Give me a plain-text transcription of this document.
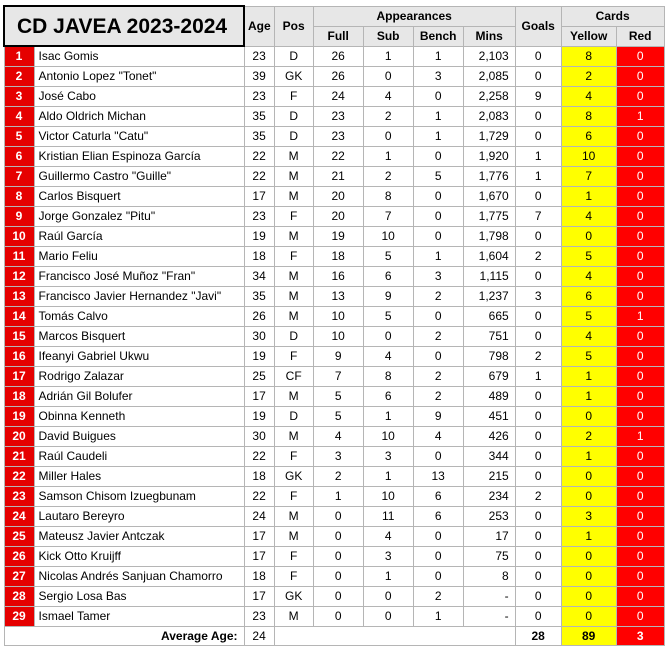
CD JAVEA 2023-2024		Age	Pos	Appearances				Goals	Cards	
				Full	Sub	Bench	Mins		Yellow	Red
1	Isac Gomis	23	D	26	1	1	2,103	0	8	0
2	Antonio Lopez "Tonet"	39	GK	26	0	3	2,085	0	2	0
3	José Cabo	23	F	24	4	0	2,258	9	4	0
4	Aldo Oldrich Michan	35	D	23	2	1	2,083	0	8	1
5	Victor Caturla "Catu"	35	D	23	0	1	1,729	0	6	0
6	Kristian Elian Espinoza García	22	M	22	1	0	1,920	1	10	0
7	Guillermo Castro "Guille"	22	M	21	2	5	1,776	1	7	0
8	Carlos Bisquert	17	M	20	8	0	1,670	0	1	0
9	Jorge Gonzalez "Pitu"	23	F	20	7	0	1,775	7	4	0
10	Raúl García	19	M	19	10	0	1,798	0	0	0
11	Mario Feliu	18	F	18	5	1	1,604	2	5	0
12	Francisco José Muñoz "Fran"	34	M	16	6	3	1,115	0	4	0
13	Francisco Javier Hernandez "Javi"	35	M	13	9	2	1,237	3	6	0
14	Tomás Calvo	26	M	10	5	0	665	0	5	1
15	Marcos Bisquert	30	D	10	0	2	751	0	4	0
16	Ifeanyi Gabriel Ukwu	19	F	9	4	0	798	2	5	0
17	Rodrigo Zalazar	25	CF	7	8	2	679	1	1	0
18	Adrián Gil Bolufer	17	M	5	6	2	489	0	1	0
19	Obinna Kenneth	19	D	5	1	9	451	0	0	0
20	David Buigues	30	M	4	10	4	426	0	2	1
21	Raúl Caudeli	22	F	3	3	0	344	0	1	0
22	Miller Hales	18	GK	2	1	13	215	0	0	0
23	Samson Chisom Izuegbunam	22	F	1	10	6	234	2	0	0
24	Lautaro Bereyro	24	M	0	11	6	253	0	3	0
25	Mateusz Javier Antczak	17	M	0	4	0	17	0	1	0
26	Kick Otto Kruijff	17	F	0	3	0	75	0	0	0
27	Nicolas Andrés Sanjuan Chamorro	18	F	0	1	0	8	0	0	0
28	Sergio Losa Bas	17	GK	0	0	2	-	0	0	0
29	Ismael Tamer	23	M	0	0	1	-	0	0	0
Average Age:		24						28	89	3
